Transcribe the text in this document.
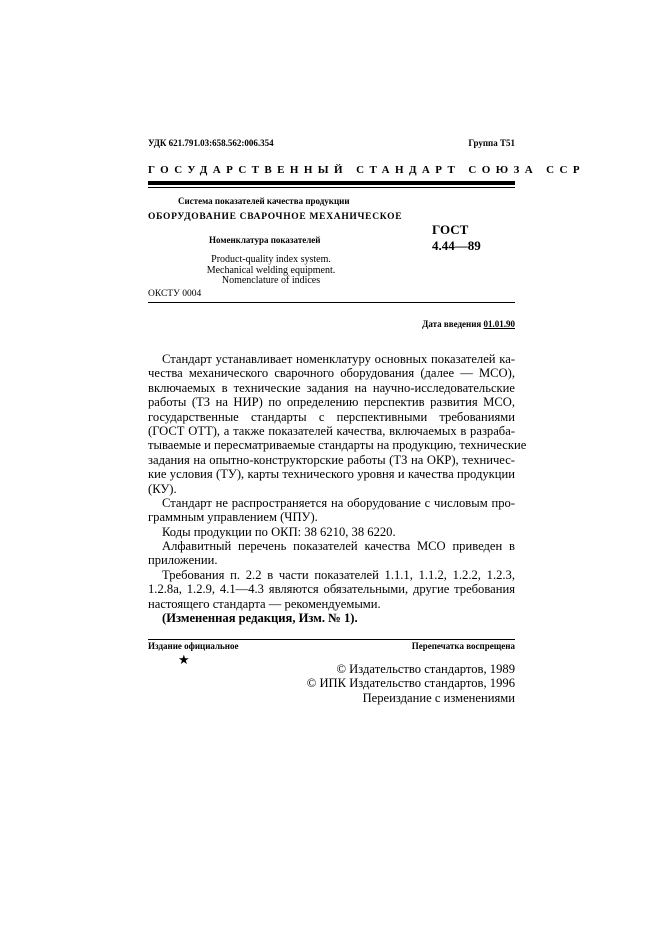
УДК 621.791.03:658.562:006.354	Группа Т51
ГОСУДАРСТВЕННЫЙ СТАНДАРТ СОЮЗА ССР
Система показателей качества продукции
ОБОРУДОВАНИЕ СВАРОЧНОЕ МЕХАНИЧЕСКОЕ
Номенклатура показателей
Product-quality index system.
Mechanical welding equipment.
Nomenclature of indices
ГОСТ
4.44—89
ОКСТУ 0004
Дата введения 01.01.90
Стандарт устанавливает номенклатуру основных показателей ка-
чества механического сварочного оборудования (далее — МСО),
включаемых в технические задания на научно-исследовательские
работы (ТЗ на НИР) по определению перспектив развития МСО,
государственные стандарты с перспективными требованиями
(ГОСТ ОТТ), а также показателей качества, включаемых в разраба-
тываемые и пересматриваемые стандарты на продукцию, технические
задания на опытно-конструкторские работы (ТЗ на ОКР), техничес-
кие условия (ТУ), карты технического уровня и качества продукции
(КУ).
Стандарт не распространяется на оборудование с числовым про-
граммным управлением (ЧПУ).
Коды продукции по ОКП: 38 6210, 38 6220.
Алфавитный перечень показателей качества МСО приведен в
приложении.
Требования п. 2.2 в части показателей 1.1.1, 1.1.2, 1.2.2, 1.2.3,
1.2.8а, 1.2.9, 4.1—4.3 являются обязательными, другие требования
настоящего стандарта — рекомендуемыми.
(Измененная редакция, Изм. № 1).
Издание официальное	Перепечатка воспрещена
★
© Издательство стандартов, 1989
© ИПК Издательство стандартов, 1996
Переиздание с изменениями
